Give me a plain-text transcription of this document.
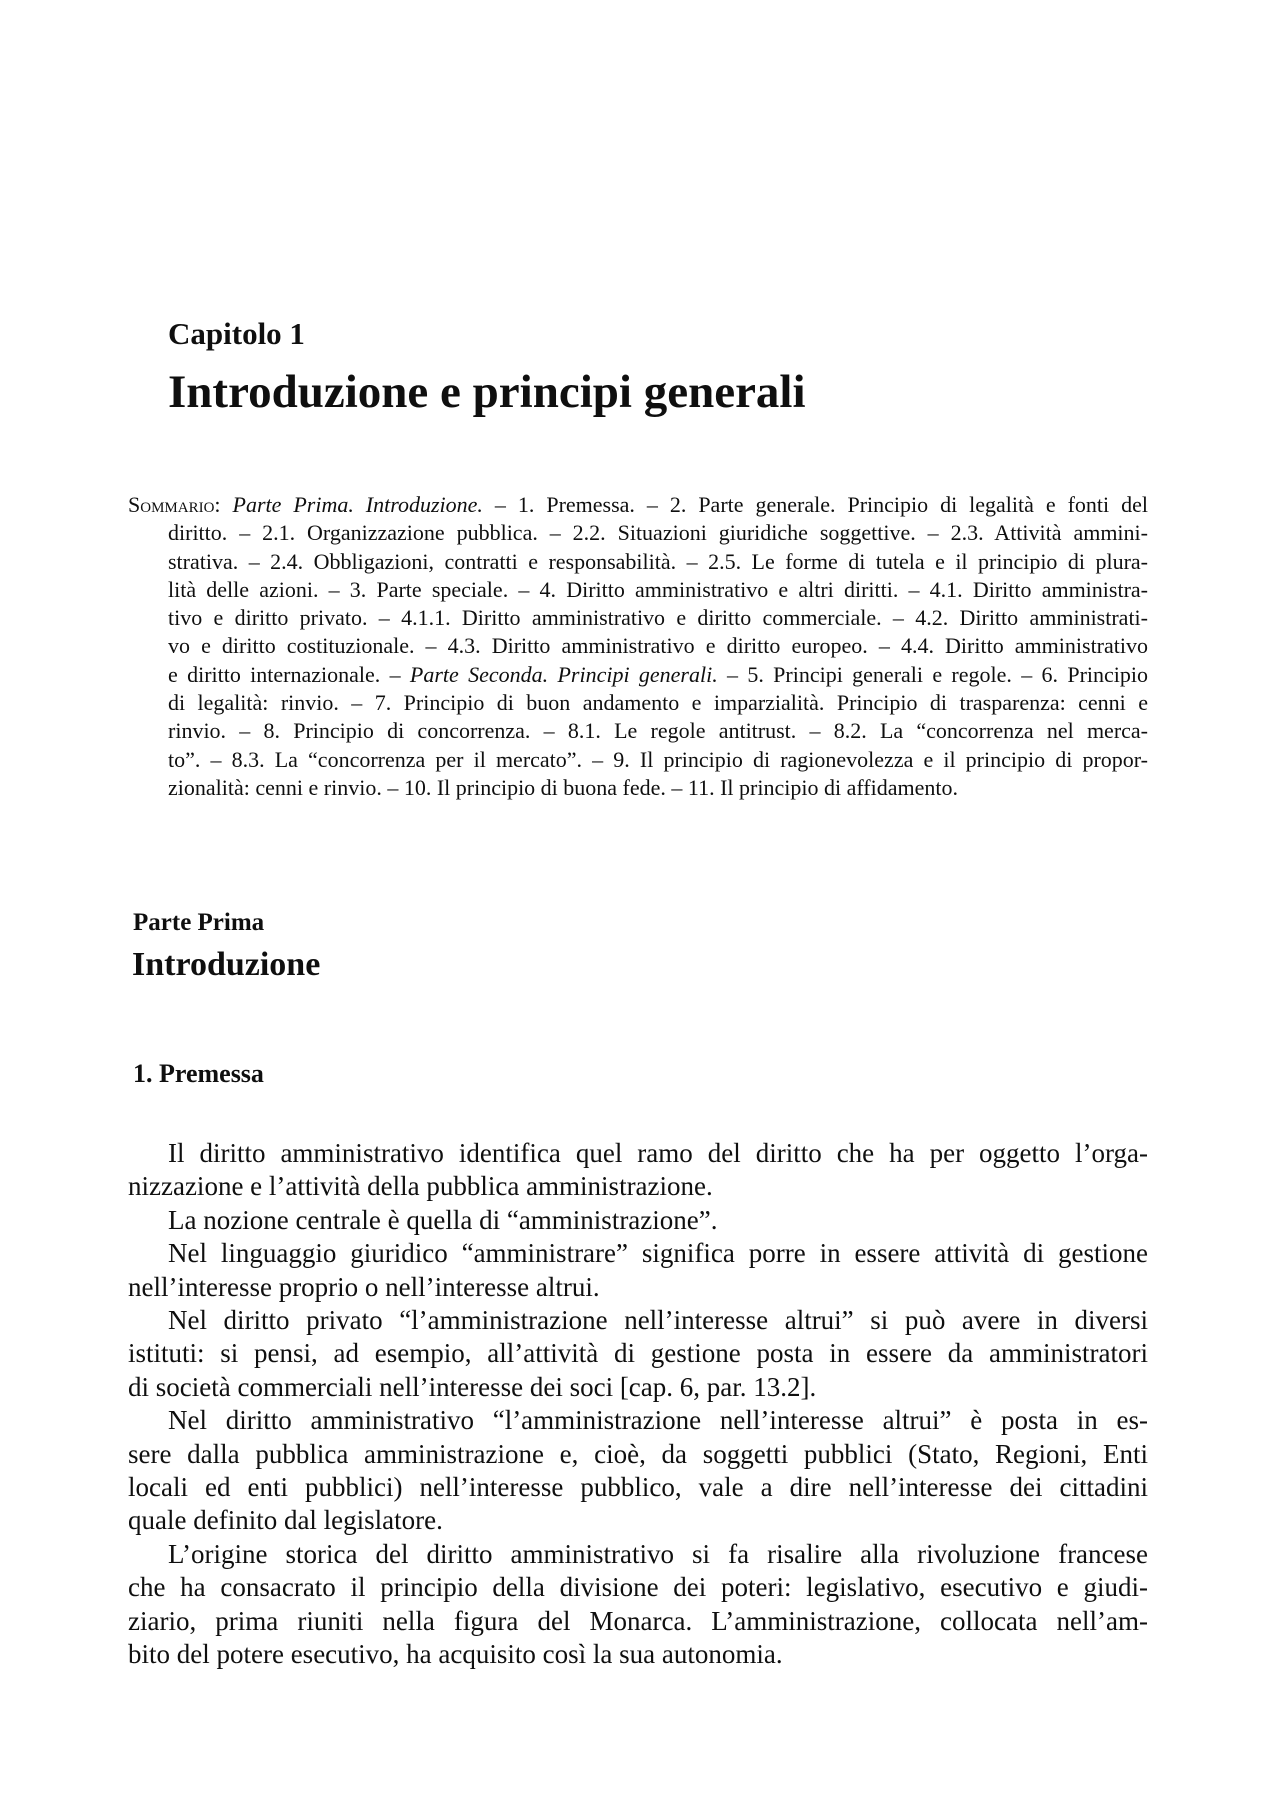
Capitolo 1
Introduzione e principi generali
Sommario: Parte Prima. Introduzione. – 1. Premessa. – 2. Parte generale. Principio di legalità e fonti del
diritto. – 2.1. Organizzazione pubblica. – 2.2. Situazioni giuridiche soggettive. – 2.3. Attività ammini-
strativa. – 2.4. Obbligazioni, contratti e responsabilità. – 2.5. Le forme di tutela e il principio di plura-
lità delle azioni. – 3. Parte speciale. – 4. Diritto amministrativo e altri diritti. – 4.1. Diritto amministra-
tivo e diritto privato. – 4.1.1. Diritto amministrativo e diritto commerciale. – 4.2. Diritto amministrati-
vo e diritto costituzionale. – 4.3. Diritto amministrativo e diritto europeo. – 4.4. Diritto amministrativo
e diritto internazionale. – Parte Seconda. Principi generali. – 5. Principi generali e regole. – 6. Principio
di legalità: rinvio. – 7. Principio di buon andamento e imparzialità. Principio di trasparenza: cenni e
rinvio. – 8. Principio di concorrenza. – 8.1. Le regole antitrust. – 8.2. La “concorrenza nel merca-
to”. – 8.3. La “concorrenza per il mercato”. – 9. Il principio di ragionevolezza e il principio di propor-
zionalità: cenni e rinvio. – 10. Il principio di buona fede. – 11. Il principio di affidamento.
Parte Prima
Introduzione
1. Premessa
Il diritto amministrativo identifica quel ramo del diritto che ha per oggetto l’orga-
nizzazione e l’attività della pubblica amministrazione.
La nozione centrale è quella di “amministrazione”.
Nel linguaggio giuridico “amministrare” significa porre in essere attività di gestione
nell’interesse proprio o nell’interesse altrui.
Nel diritto privato “l’amministrazione nell’interesse altrui” si può avere in diversi
istituti: si pensi, ad esempio, all’attività di gestione posta in essere da amministratori
di società commerciali nell’interesse dei soci [cap. 6, par. 13.2].
Nel diritto amministrativo “l’amministrazione nell’interesse altrui” è posta in es-
sere dalla pubblica amministrazione e, cioè, da soggetti pubblici (Stato, Regioni, Enti
locali ed enti pubblici) nell’interesse pubblico, vale a dire nell’interesse dei cittadini
quale definito dal legislatore.
L’origine storica del diritto amministrativo si fa risalire alla rivoluzione francese
che ha consacrato il principio della divisione dei poteri: legislativo, esecutivo e giudi-
ziario, prima riuniti nella figura del Monarca. L’amministrazione, collocata nell’am-
bito del potere esecutivo, ha acquisito così la sua autonomia.
